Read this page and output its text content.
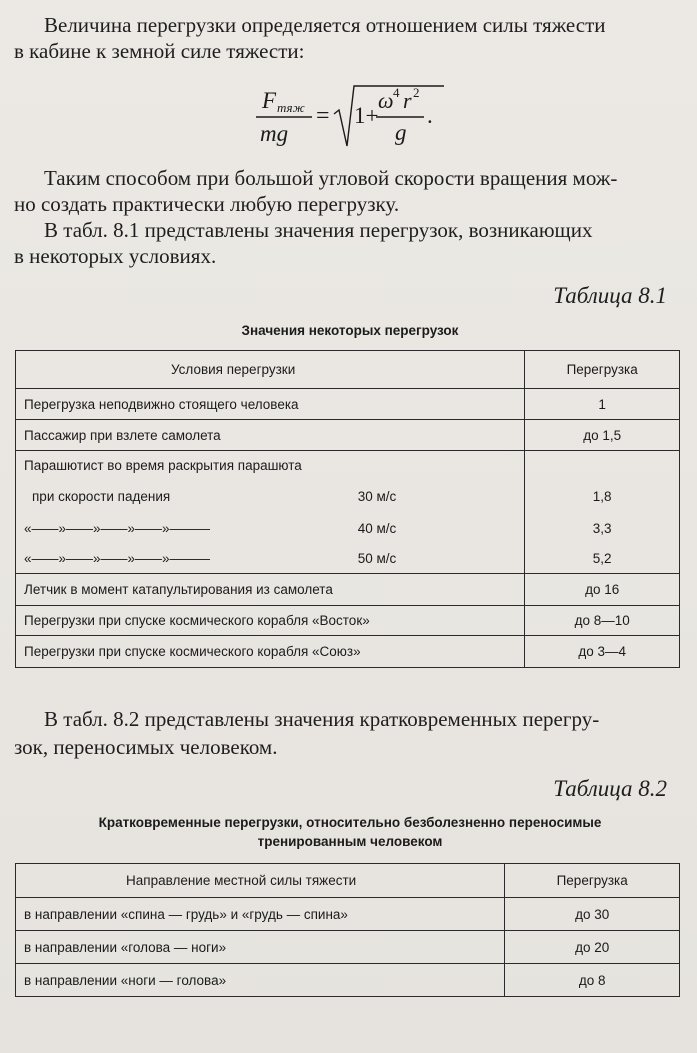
Величина перегрузки определяется отношением силы тяжести

в кабине к земной силе тяжести:

F тяж
mg
= 1+
ω 4 r 2
g
.

Таким способом при большой угловой скорости вращения мож-

но создать практически любую перегрузку.

В табл. 8.1 представлены значения перегрузок, возникающих

в некоторых условиях.

Таблица 8.1
Значения некоторых перегрузок
Условия перегрузки	Перегрузка
Перегрузка неподвижно стоящего человека	1
Пассажир при взлете самолета	до 1,5
Парашютист во время раскрытия парашюта	

при скорости падения 30 м/с	1,8

«——»——»——»——»——— 40 м/с	3,3

«——»——»——»——»——— 50 м/с	5,2
Летчик в момент катапультирования из самолета	до 16
Перегрузки при спуске космического корабля «Восток»	до 8—10
Перегрузки при спуске космического корабля «Союз»	до 3—4

В табл. 8.2 представлены значения кратковременных перегру-

зок, переносимых человеком.

Таблица 8.2
Кратковременные перегрузки, относительно безболезненно переносимые
тренированным человеком
Направление местной силы тяжести	Перегрузка
в направлении «спина — грудь» и «грудь — спина»	до 30
в направлении «голова — ноги»	до 20
в направлении «ноги — голова»	до 8
